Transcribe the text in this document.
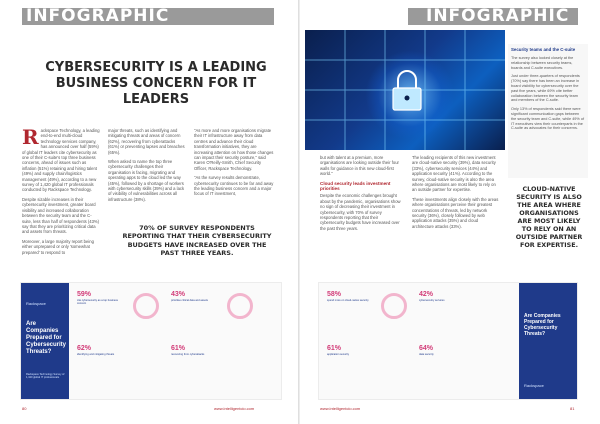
INFOGRAPHIC
CYBERSECURITY IS A LEADING BUSINESS CONCERN FOR IT LEADERS

Rackspace Technology, a leading end-to-end multi-cloud technology services company, has announced over half (59%) of global IT leaders cite cybersecurity as one of their C-suite's top three business concerns, ahead of issues such as inflation (51%) retaining and hiring talent (49%) and supply chain/logistics management (49%), according to a new survey of 1,420 global IT professionals conducted by Rackspace Technology.

Despite sizable increases in their cybersecurity investment, greater board visibility and increased collaboration between the security team and the C-suite, less than half of respondents (43%) say that they are prioritizing critical data and assets from threats.

Moreover, a large majority report being either unprepared or only 'somewhat prepared' to respond to

major threats, such as identifying and mitigating threats and areas of concern (62%), recovering from cyberattacks (61%) or preventing lapses and breaches (65%).

When asked to name the top three cybersecurity challenges their organisation is facing, migrating and operating apps to the cloud led the way (45%), followed by a shortage of workers with cybersecurity skills (39%) and a lack of visibility of vulnerabilities across all infrastructure (38%).

"As more and more organisations migrate their IT infrastructure away from data centres and advance their cloud transformation initiatives, they are increasing attention on how those changes can impact their security posture," said Karen O'Reilly-Smith, Chief Security Officer, Rackspace Technology.

"As the survey results demonstrate, cybersecurity continues to be far and away the leading business concern and a major focus of IT investment,

70% OF SURVEY RESPONDENTS REPORTING THAT THEIR CYBERSECURITY BUDGETS HAVE INCREASED OVER THE PAST THREE YEARS.
Rackspace
Are Companies Prepared for Cybersecurity Threats?
Rackspace Technology Survey of 1,420 global IT professionals
59%
cite cybersecurity as a top business concern
43%
prioritise critical data and assets
62%
identifying and mitigating threats
61%
recovering from cyberattacks
80	www.intelligentcio.com
INFOGRAPHIC
Security teams and the C-suite

The survey also looked closely at the relationship between security teams, boards and C-suite executives.

Just under three-quarters of respondents (70%) say there has been an increase in board visibility for cybersecurity over the past five years, while 69% cite better collaboration between the security team and members of the C-suite.

Only 13% of respondents said there were significant communication gaps between the security team and C-suite, while 49% of IT executives view their counterparts in the C-suite as advocates for their concerns.

CLOUD-NATIVE SECURITY IS ALSO THE AREA WHERE ORGANISATIONS ARE MOST LIKELY TO RELY ON AN OUTSIDE PARTNER FOR EXPERTISE.

but with talent at a premium, more organisations are looking outside their four walls for guidance in this new cloud-first world."

Cloud security leads investment priorities

Despite the economic challenges brought about by the pandemic, organisations show no sign of decreasing their investment in cybersecurity, with 70% of survey respondents reporting that their cybersecurity budgets have increased over the past three years.

The leading recipients of this new investment are cloud-native security (39%), data security (33%), cybersecurity services (44%) and application security (41%). According to the survey, cloud-native security is also the area where organisations are most likely to rely on an outside partner for expertise.

These investments align closely with the areas where organisations perceive their greatest concentrations of threats, led by network security (36%), closely followed by web application attacks (35%) and cloud architecture attacks (33%).

58%
spend more on cloud-native security
42%
cybersecurity services
61%
application security
64%
data security
Are Companies Prepared for Cybersecurity Threats?
Rackspace
www.intelligentcio.com	81
